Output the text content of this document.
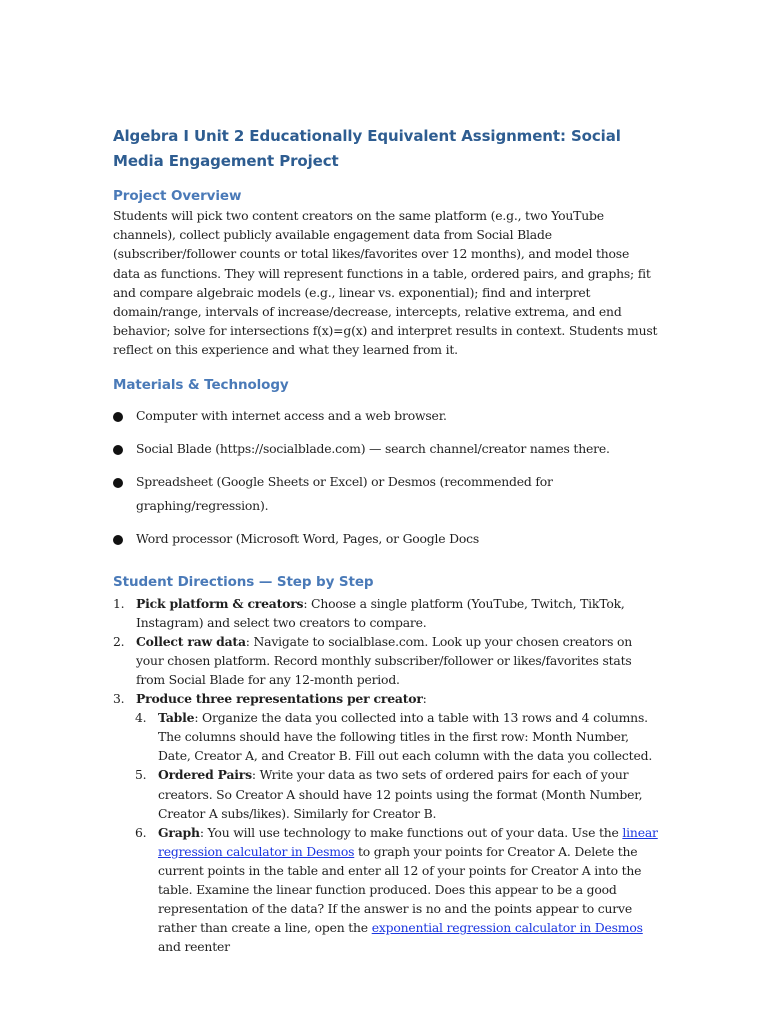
Algebra I Unit 2 Educationally Equivalent Assignment: Social Media Engagement Project
Project Overview

Students will pick two content creators on the same platform (e.g., two YouTube channels), collect publicly available engagement data from Social Blade (subscriber/follower counts or total likes/favorites over 12 months), and model those data as functions. They will represent functions in a table, ordered pairs, and graphs; fit and compare algebraic models (e.g., linear vs. exponential); find and interpret domain/range, intervals of increase/decrease, intercepts, relative extrema, and end behavior; solve for intersections f(x)=g(x) and interpret results in context. Students must reflect on this experience and what they learned from it.

Materials & Technology
Computer with internet access and a web browser.
Social Blade (https://socialblade.com) — search channel/creator names there.
Spreadsheet (Google Sheets or Excel) or Desmos (recommended for graphing/regression).
Word processor (Microsoft Word, Pages, or Google Docs
Student Directions — Step by Step
1. Pick platform & creators: Choose a single platform (YouTube, Twitch, TikTok, Instagram) and select two creators to compare.
2. Collect raw data: Navigate to socialblase.com. Look up your chosen creators on your chosen platform. Record monthly subscriber/follower or likes/favorites stats from Social Blade for any 12-month period.
3. Produce three representations per creator:
4. Table: Organize the data you collected into a table with 13 rows and 4 columns. The columns should have the following titles in the first row: Month Number, Date, Creator A, and Creator B. Fill out each column with the data you collected.
5. Ordered Pairs: Write your data as two sets of ordered pairs for each of your creators. So Creator A should have 12 points using the format (Month Number, Creator A subs/likes). Similarly for Creator B.
6. Graph: You will use technology to make functions out of your data. Use the linear regression calculator in Desmos to graph your points for Creator A. Delete the current points in the table and enter all 12 of your points for Creator A into the table. Examine the linear function produced. Does this appear to be a good representation of the data? If the answer is no and the points appear to curve rather than create a line, open the exponential regression calculator in Desmos and reenter
